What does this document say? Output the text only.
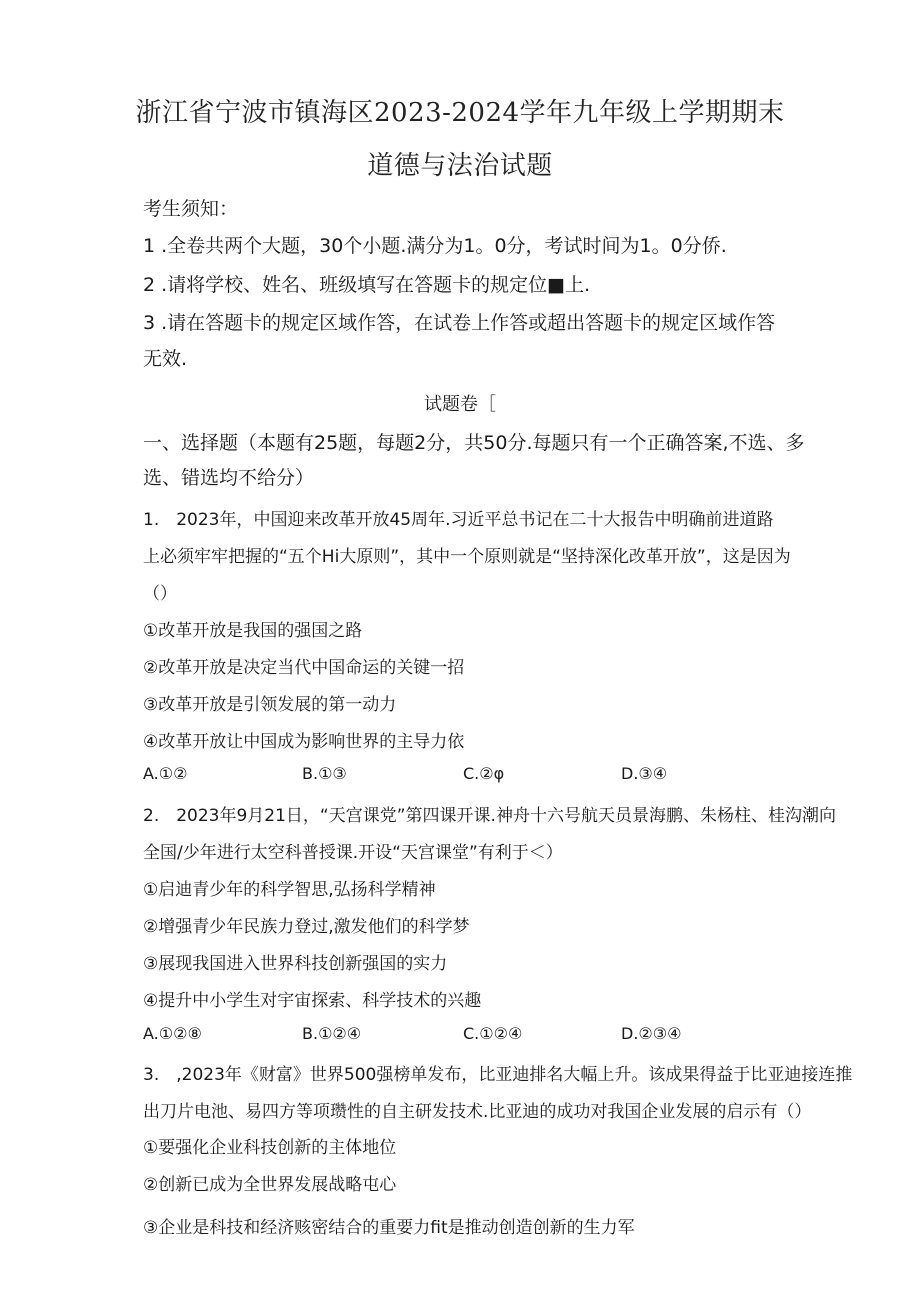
浙江省宁波市镇海区2023-2024学年九年级上学期期末
道德与法治试题
考生须知：
1 .全卷共两个大题，30个小题.满分为1。0分，考试时间为1。0分侨.
2 .请将学校、姓名、班级填写在答题卡的规定位■上.
3 .请在答题卡的规定区域作答，在试卷上作答或超出答题卡的规定区域作答
无效.
试题卷［
一、选择题（本题有25题，每题2分，共50分.每题只有一个正确答案,不选、多
选、错选均不给分）
1.　2023年，中国迎来改革开放45周年.习近平总书记在二十大报告中明确前进道路
上必须牢牢把握的“五个Hi大原则”，其中一个原则就是“坚持深化改革开放”，这是因为
（）
①改革开放是我国的强国之路
②改革开放是决定当代中国命运的关键一招
③改革开放是引领发展的第一动力
④改革开放让中国成为影响世界的主导力依
A.①②	B.①③	C.②φ	D.③④
2.　2023年9月21日，“天宫课党”第四课开课.神舟十六号航天员景海鹏、朱杨柱、桂沟潮向
全国/少年进行太空科普授课.开设“天宫课堂”有利于＜）
①启迪青少年的科学智思,弘扬科学精神
②增强青少年民族力登过,激发他们的科学梦
③展现我国进入世界科技创新强国的实力
④提升中小学生对宇宙探索、科学技术的兴趣
A.①②⑧	B.①②④	C.①②④	D.②③④
3.　,2023年《财富》世界500强榜单发布，比亚迪排名大幅上升。该成果得益于比亚迪接连推
出刀片电池、易四方等项瓒性的自主研发技术.比亚迪的成功对我国企业发展的启示有（）
①要强化企业科技创新的主体地位
②创新已成为全世界发展战略屯心
③企业是科技和经济赅密结合的重要力fit是推动创造创新的生力军
